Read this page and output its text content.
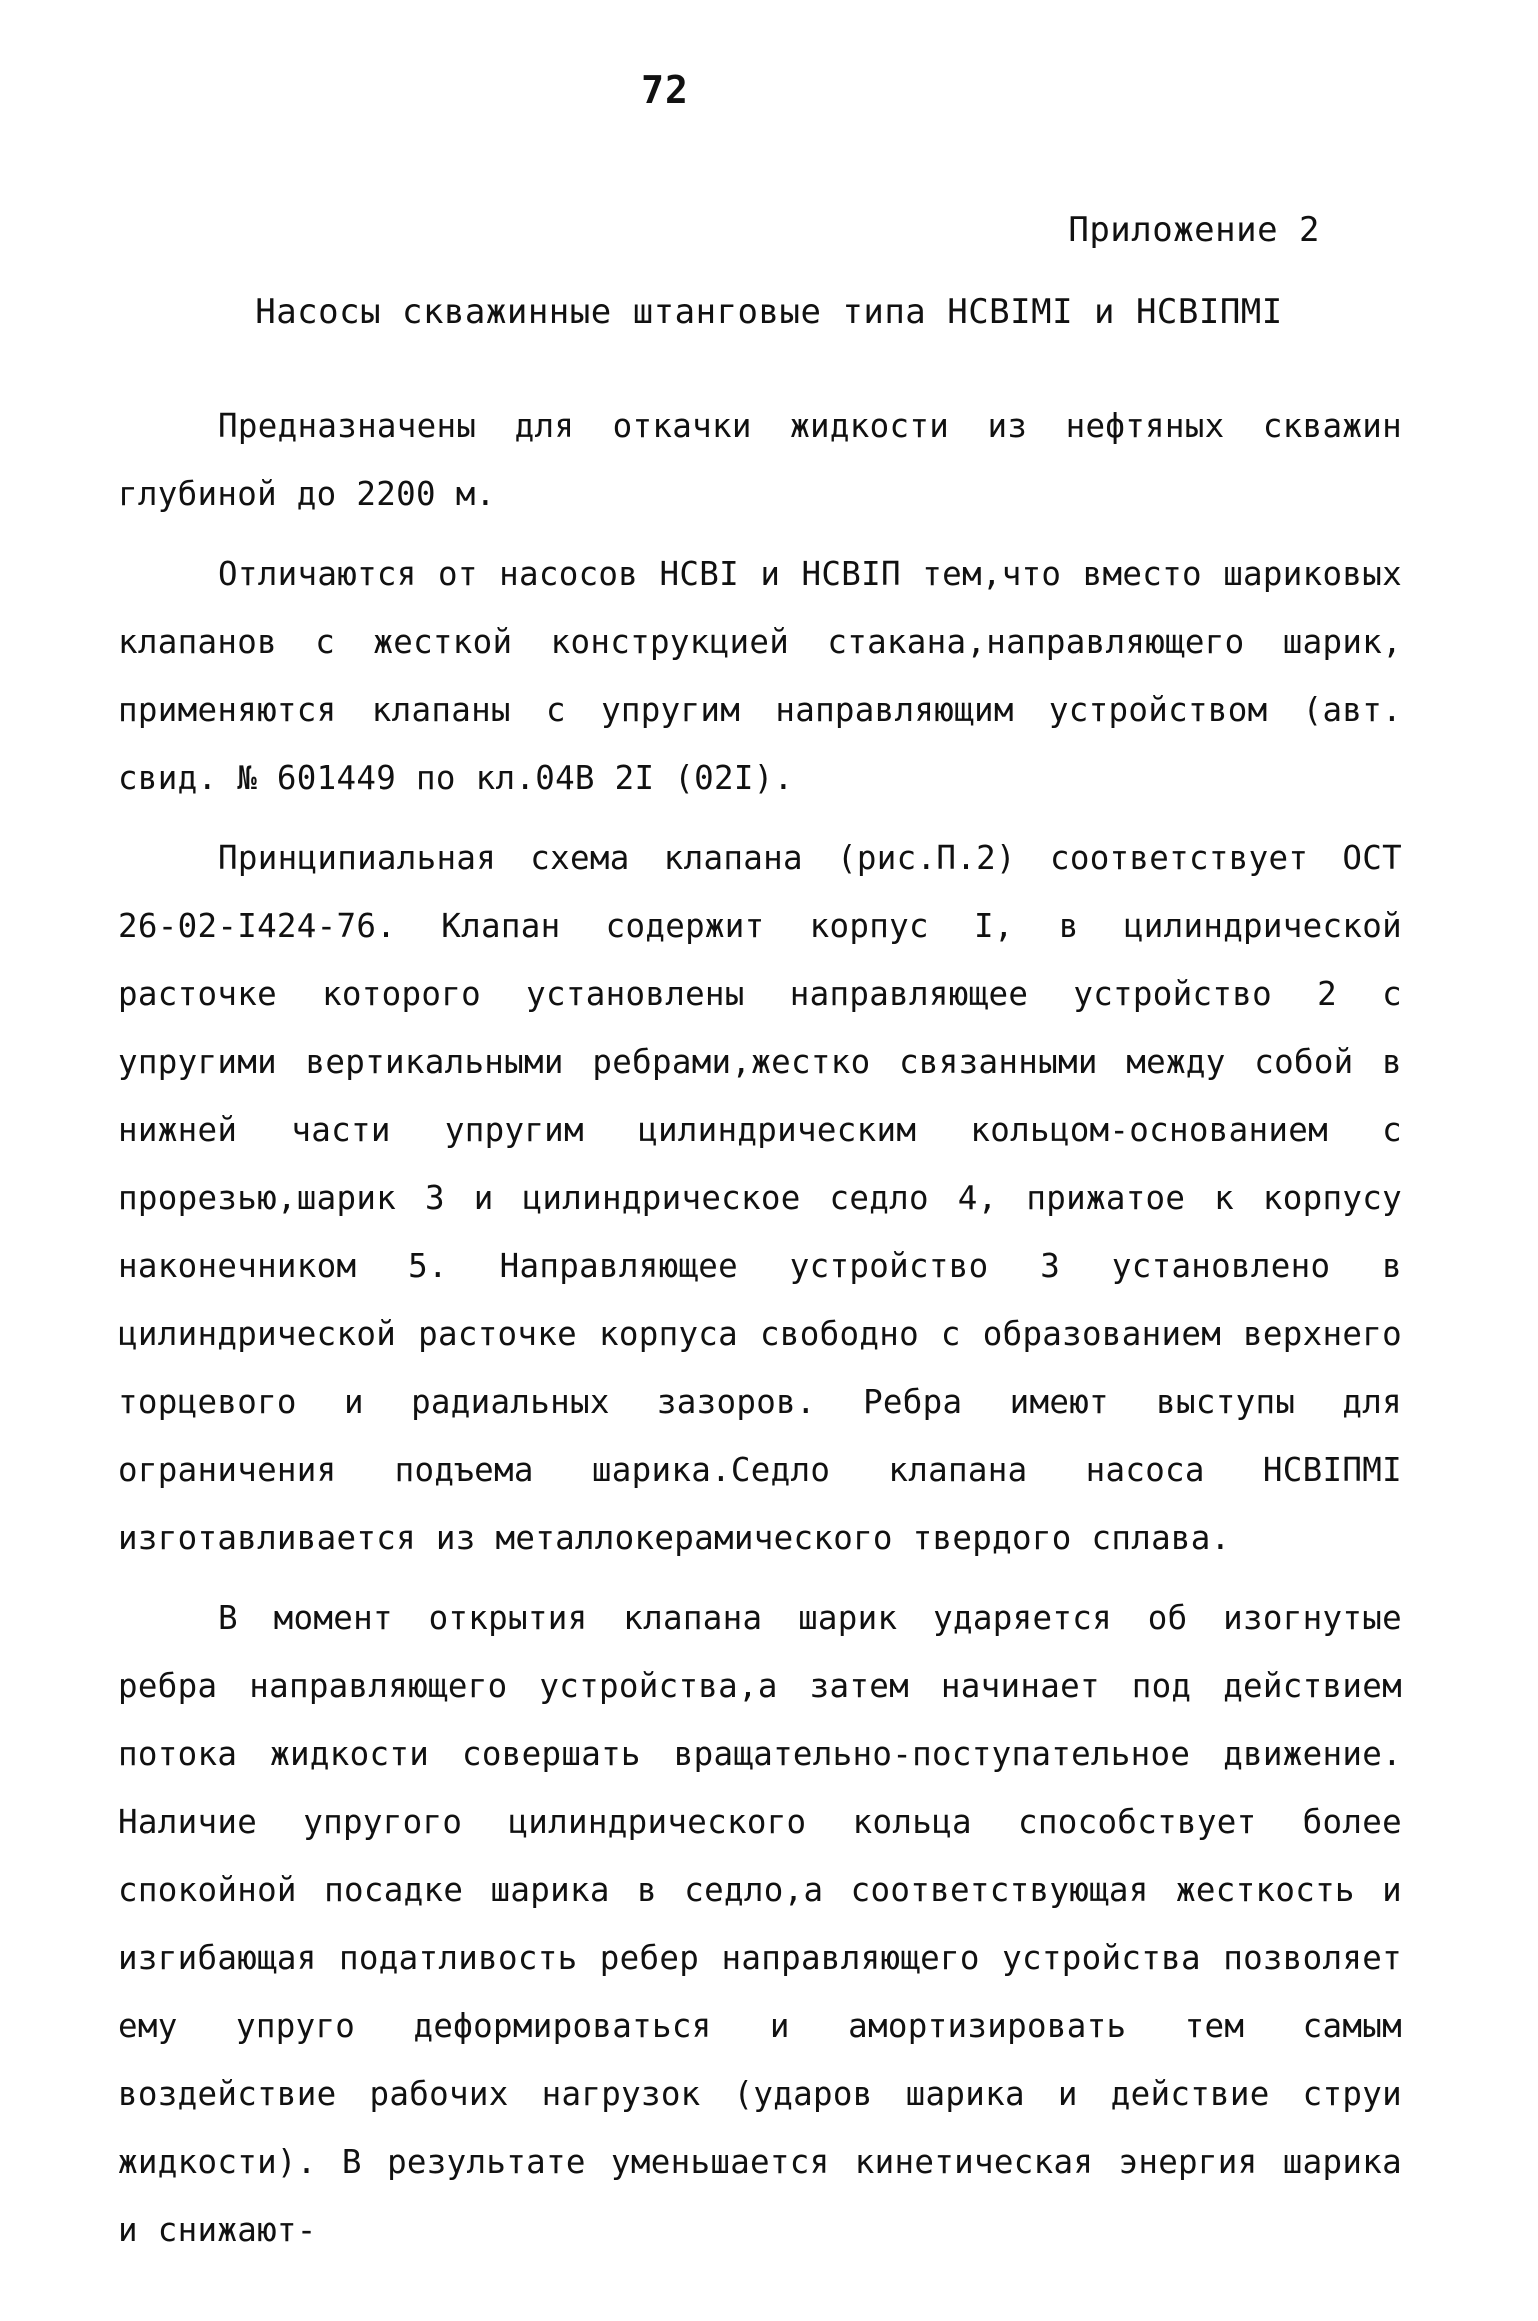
72
Приложение 2
Насосы скважинные штанговые типа НСВIМI и НСВIПМI

Предназначены для откачки жидкости из нефтяных скважин глубиной до 2200 м.

Отличаются от насосов НСВI и НСВIП тем,что вместо шариковых клапанов с жесткой конструкцией стакана,направляющего шарик, применяются клапаны с упругим направляющим устройством (авт. свид. № 601449 по кл.04В 2I (02I).

Принципиальная схема клапана (рис.П.2) соответствует ОСТ 26-02-I424-76. Клапан содержит корпус I, в цилиндрической расточке которого установлены направляющее устройство 2 с упругими вертикальными ребрами,жестко связанными между собой в нижней части упругим цилиндрическим кольцом-основанием с прорезью,шарик 3 и цилиндрическое седло 4, прижатое к корпусу наконечником 5. Направляющее устройство 3 установлено в цилиндрической расточке корпуса свободно с образованием верхнего торцевого и радиальных зазоров. Ребра имеют выступы для ограничения подъема шарика.Седло клапана насоса НСВIПМI изготавливается из металлокерамического твердого сплава.

В момент открытия клапана шарик ударяется об изогнутые ребра направляющего устройства,а затем начинает под действием потока жидкости совершать вращательно-поступательное движение. Наличие упругого цилиндрического кольца способствует более спокойной посадке шарика в седло,а соответствующая жесткость и изгибающая податливость ребер направляющего устройства позволяет ему упруго деформироваться и амортизировать тем самым воздействие рабочих нагрузок (ударов шарика и действие струи жидкости). В результате уменьшается кинетическая энергия шарика и снижают-
